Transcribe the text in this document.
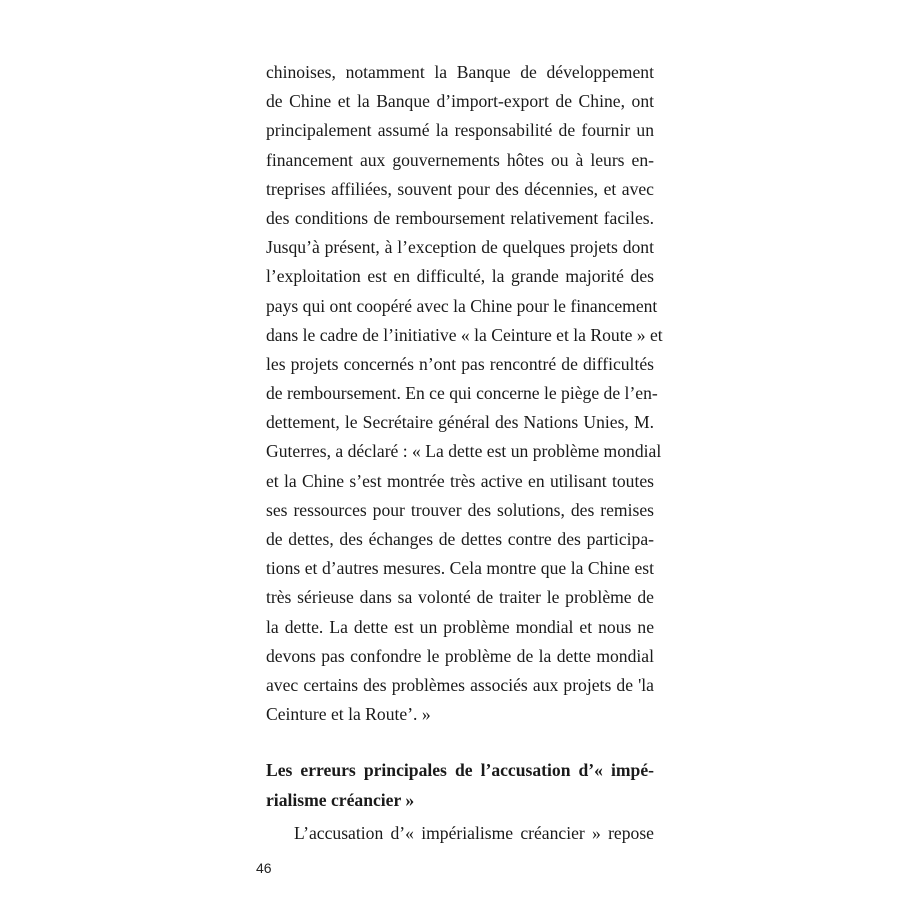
chinoises, notamment la Banque de développement
de Chine et la Banque d’import-export de Chine, ont
principalement assumé la responsabilité de fournir un
financement aux gouvernements hôtes ou à leurs en-
treprises affiliées, souvent pour des décennies, et avec
des conditions de remboursement relativement faciles.
Jusqu’à présent, à l’exception de quelques projets dont
l’exploitation est en difficulté, la grande majorité des
pays qui ont coopéré avec la Chine pour le financement
dans le cadre de l’initiative « la Ceinture et la Route » et
les projets concernés n’ont pas rencontré de difficultés
de remboursement. En ce qui concerne le piège de l’en-
dettement, le Secrétaire général des Nations Unies, M.
Guterres, a déclaré : « La dette est un problème mondial
et la Chine s’est montrée très active en utilisant toutes
ses ressources pour trouver des solutions, des remises
de dettes, des échanges de dettes contre des participa-
tions et d’autres mesures. Cela montre que la Chine est
très sérieuse dans sa volonté de traiter le problème de
la dette. La dette est un problème mondial et nous ne
devons pas confondre le problème de la dette mondial
avec certains des problèmes associés aux projets de 'la
Ceinture et la Route’. »
Les erreurs principales de l’accusation d’« impé-
rialisme créancier »
L’accusation d’« impérialisme créancier » repose
46
